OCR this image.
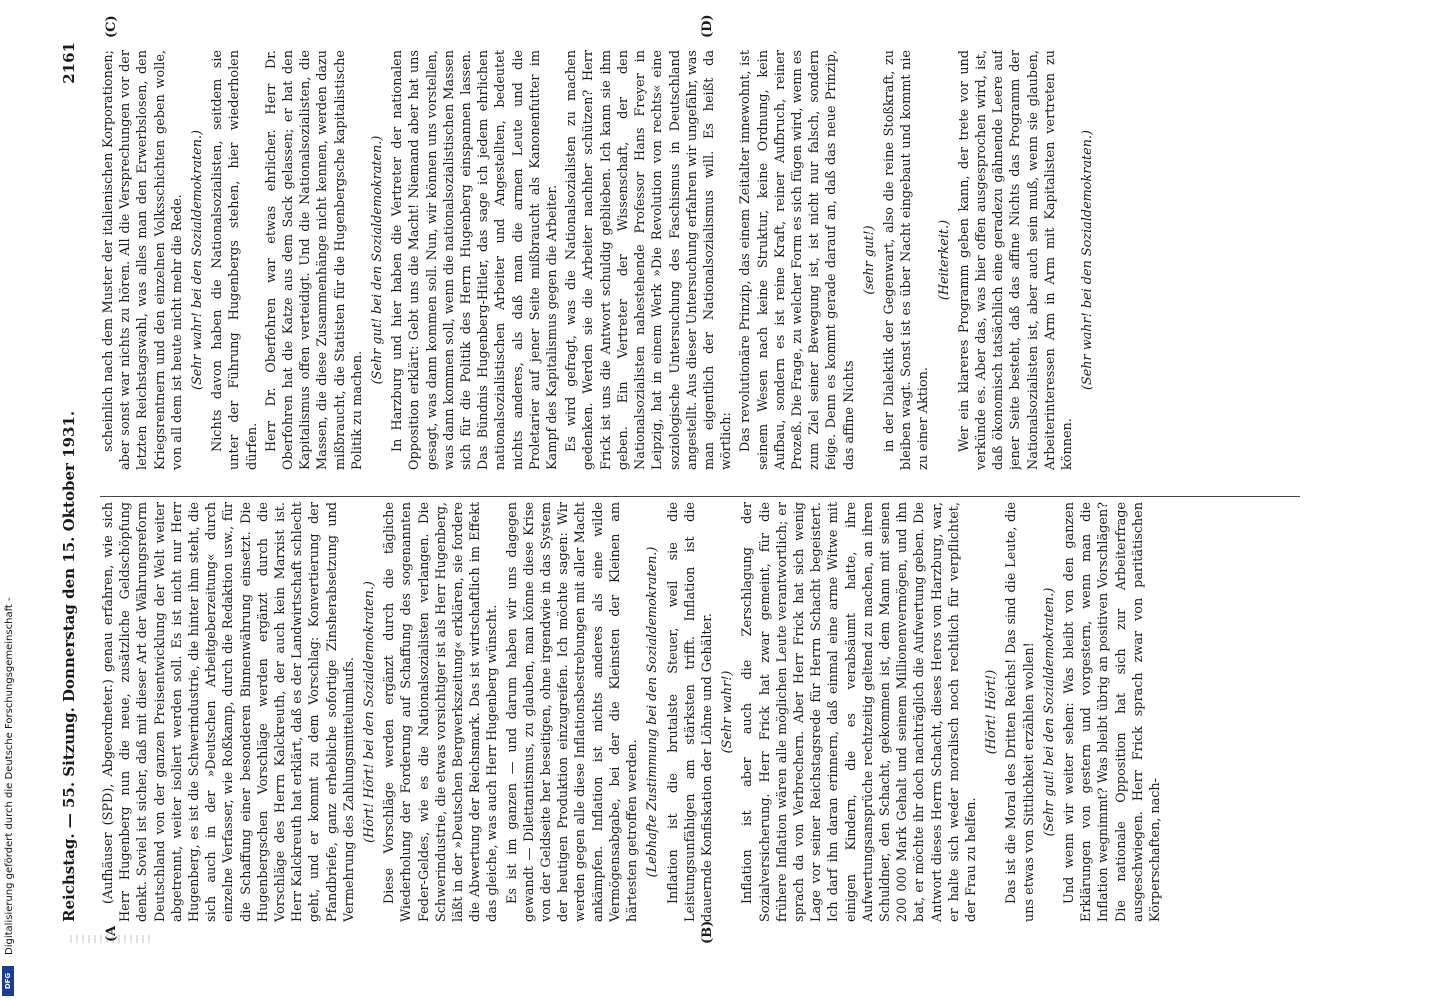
Reichstag. — 55. Sitzung. Donnerstag den 15. Oktober 1931.
2161
(A	(B)
(C)	(D)

(Aufhäuser (SPD), Abgeordneter.) genau erfahren, wie sich Herr Hugenberg nun die neue, zusätzliche Geldschöpfung denkt. Soviel ist sicher, daß mit dieser Art der Währungsreform Deutschland von der ganzen Preisentwicklung der Welt weiter abgetrennt, weiter isoliert werden soll. Es ist nicht nur Herr Hugenberg, es ist die Schwerindustrie, die hinter ihm steht, die sich auch in der »Deutschen Arbeitgeberzeitung« durch einzelne Verfasser, wie Roßkamp, durch die Redaktion usw., für die Schaffung einer besonderen Binnenwährung einsetzt. Die Hugenbergschen Vorschläge werden ergänzt durch die Vorschläge des Herrn Kalckreuth, der auch kein Marxist ist. Herr Kalckreuth hat erklärt, daß es der Landwirtschaft schlecht geht, und er kommt zu dem Vorschlag: Konvertierung der Pfandbriefe, ganz erhebliche sofortige Zinsherabsetzung und Vermehrung des Zahlungsmittelumlaufs. (Hört! Hört! bei den Sozialdemokraten.) Diese Vorschläge werden ergänzt durch die tägliche Wiederholung der Forderung auf Schaffung des sogenannten Feder-Geldes, wie es die Nationalsozialisten verlangen. Die Schwerindustrie, die etwas vorsichtiger ist als Herr Hugenberg, läßt in der »Deutschen Bergwerkszeitung« erklären, sie fordere die Abwertung der Reichsmark. Das ist wirtschaftlich im Effekt das gleiche, was auch Herr Hugenberg wünscht. Es ist im ganzen — und darum haben wir uns dagegen gewandt — Dilettantismus, zu glauben, man könne diese Krise von der Geldseite her beseitigen, ohne irgendwie in das System der heutigen Produktion einzugreifen. Ich möchte sagen: Wir werden gegen alle diese Inflationsbestrebungen mit aller Macht ankämpfen. Inflation ist nichts anderes als eine wilde Vermögensabgabe, bei der die Kleinsten der Kleinen am härtesten getroffen werden. (Lebhafte Zustimmung bei den Sozialdemokraten.) Inflation ist die brutalste Steuer, weil sie die Leistungsunfähigen am stärksten trifft. Inflation ist die dauernde Konfiskation der Löhne und Gehälter. (Sehr wahr!) Inflation ist aber auch die Zerschlagung der Sozialversicherung. Herr Frick hat zwar gemeint, für die frühere Inflation wären alle möglichen Leute verantwortlich; er sprach da von Verbrechern. Aber Herr Frick hat sich wenig Lage vor seiner Reichstagsrede für Herrn Schacht begeistert. Ich darf ihn daran erinnern, daß einmal eine arme Witwe mit einigen Kindern, die es verabsäumt hatte, ihre Aufwertungsansprüche rechtzeitig geltend zu machen, an ihren Schuldner, den Schacht, gekommen ist, dem Mann mit seinen 200 000 Mark Gehalt und seinem Millionenvermögen, und ihn bat, er möchte ihr doch nachträglich die Aufwertung geben. Die Antwort dieses Herrn Schacht, dieses Heros von Harzburg, war, er halte sich weder moralisch noch rechtlich für verpflichtet, der Frau zu helfen.

(Hört! Hört!) Das ist die Moral des Dritten Reichs! Das sind die Leute, die uns etwas von Sittlichkeit erzählen wollen! (Sehr gut! bei den Sozialdemokraten.) Und wenn wir weiter sehen: Was bleibt von den ganzen Erklärungen von gestern und vorgestern, wenn man die Inflation wegnimmt? Was bleibt übrig an positiven Vorschlägen? Die nationale Opposition hat sich zur Arbeiterfrage ausgeschwiegen. Herr Frick sprach zwar von paritätischen Körperschaften, nach-

scheinlich nach dem Muster der italienischen Korporationen; aber sonst war nichts zu hören. All die Versprechungen vor der letzten Reichstagswahl, was alles man den Erwerbslosen, den Kriegsrentnern und den einzelnen Volksschichten geben wolle, von all dem ist heute nicht mehr die Rede. (Sehr wahr! bei den Sozialdemokraten.) Nichts davon haben die Nationalsozialisten, seitdem sie unter der Führung Hugenbergs stehen, hier wiederholen dürfen. Herr Dr. Oberfohren war etwas ehrlicher. Herr Dr. Oberfohren hat die Katze aus dem Sack gelassen; er hat den Kapitalismus offen verteidigt. Und die Nationalsozialisten, die Massen, die diese Zusammenhänge nicht kennen, werden dazu mißbraucht, die Statisten für die Hugenbergsche kapitalistische Politik zu machen.

(Sehr gut! bei den Sozialdemokraten.) In Harzburg und hier haben die Vertreter der nationalen Opposition erklärt: Gebt uns die Macht! Niemand aber hat uns gesagt, was dann kommen soll. Nun, wir können uns vorstellen, was dann kommen soll, wenn die nationalsozialistischen Massen sich für die Politik des Herrn Hugenberg einspannen lassen. Das Bündnis Hugenberg-Hitler, das sage ich jedem ehrlichen nationalsozialistischen Arbeiter und Angestellten, bedeutet nichts anderes, als daß man die armen Leute und die Proletarier auf jener Seite mißbraucht als Kanonenfutter im Kampf des Kapitalismus gegen die Arbeiter. Es wird gefragt, was die Nationalsozialisten zu machen gedenken. Werden sie die Arbeiter nachher schützen? Herr Frick ist uns die Antwort schuldig geblieben. Ich kann sie ihm geben. Ein Vertreter der Wissenschaft, der den Nationalsozialisten nahestehende Professor Hans Freyer in Leipzig, hat in einem Werk »Die Revolution von rechts« eine soziologische Untersuchung des Faschismus in Deutschland angestellt. Aus dieser Untersuchung erfahren wir ungefähr, was man eigentlich der Nationalsozialismus will. Es heißt da wörtlich: Das revolutionäre Prinzip, das einem Zeitalter innewohnt, ist seinem Wesen nach keine Struktur, keine Ordnung, kein Aufbau, sondern es ist reine Kraft, reiner Aufbruch, reiner Prozeß. Die Frage, zu welcher Form es sich fügen wird, wenn es zum Ziel seiner Bewegung ist, ist nicht nur falsch, sondern feige. Denn es kommt gerade darauf an, daß das neue Prinzip, das affine Nichts

(sehr gut!) in der Dialektik der Gegenwart, also die reine Stoßkraft, zu bleiben wagt. Sonst ist es über Nacht eingebaut und kommt nie zu einer Aktion.

(Heiterkeit.) Wer ein klareres Programm geben kann, der trete vor und verkünde es. Aber das, was hier offen ausgesprochen wird, ist, daß ökonomisch tatsächlich eine geradezu gähnende Leere auf jener Seite besteht, daß das affine Nichts das Programm der Nationalsozialisten ist, aber auch sein muß, wenn sie glauben, Arbeiterinteressen Arm in Arm mit Kapitalisten vertreten zu können.

(Sehr wahr! bei den Sozialdemokraten.)

Digitalisierung gefördert durch die Deutsche Forschungsgemeinschaft -
DFG
